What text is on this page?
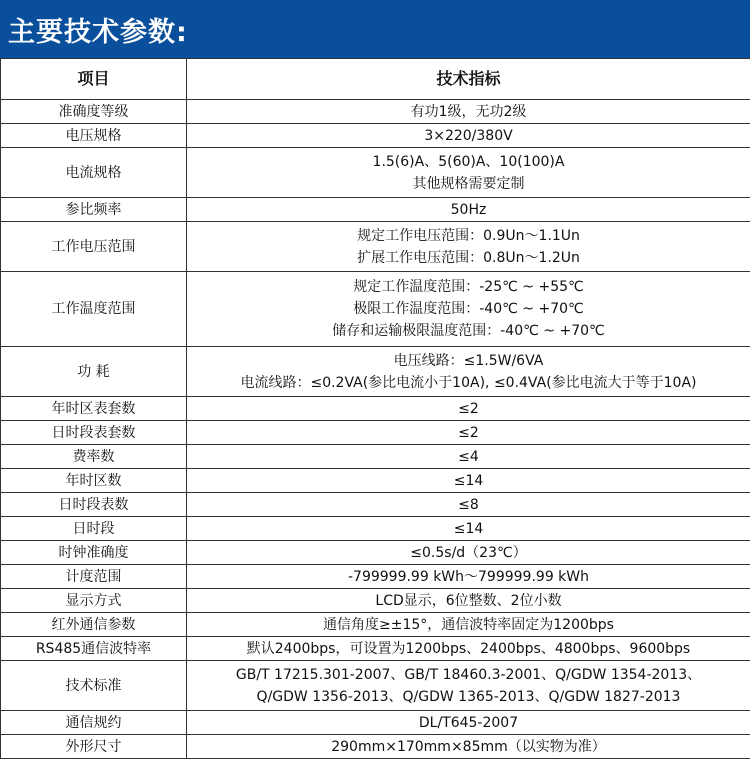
主要技术参数:
项目	技术指标
准确度等级	有功1级，无功2级

电压规格	3×220/380V

电流规格	1.5(6)A、5(60)A、10(100)A
其他规格需要定制

参比频率	50Hz

工作电压范围	规定工作电压范围：0.9Un～1.1Un
扩展工作电压范围：0.8Un～1.2Un

工作温度范围	规定工作温度范围：-25℃ ~ +55℃
极限工作温度范围：-40℃ ~ +70℃
储存和运输极限温度范围：-40℃ ~ +70℃

功 耗	电压线路：≤1.5W/6VA
电流线路：≤0.2VA(参比电流小于10A), ≤0.4VA(参比电流大于等于10A)

年时区表套数	≤2

日时段表套数	≤2

费率数	≤4

年时区数	≤14

日时段表数	≤8

日时段	≤14

时钟准确度	≤0.5s/d（23℃）

计度范围	-799999.99 kWh～799999.99 kWh

显示方式	LCD显示，6位整数、2位小数

红外通信参数	通信角度≥±15°，通信波特率固定为1200bps

RS485通信波特率	默认2400bps，可设置为1200bps、2400bps、4800bps、9600bps

技术标准	GB/T 17215.301-2007、GB/T 18460.3-2001、Q/GDW 1354-2013、
Q/GDW 1356-2013、Q/GDW 1365-2013、Q/GDW 1827-2013

通信规约	DL/T645-2007

外形尺寸	290mm×170mm×85mm（以实物为准）
